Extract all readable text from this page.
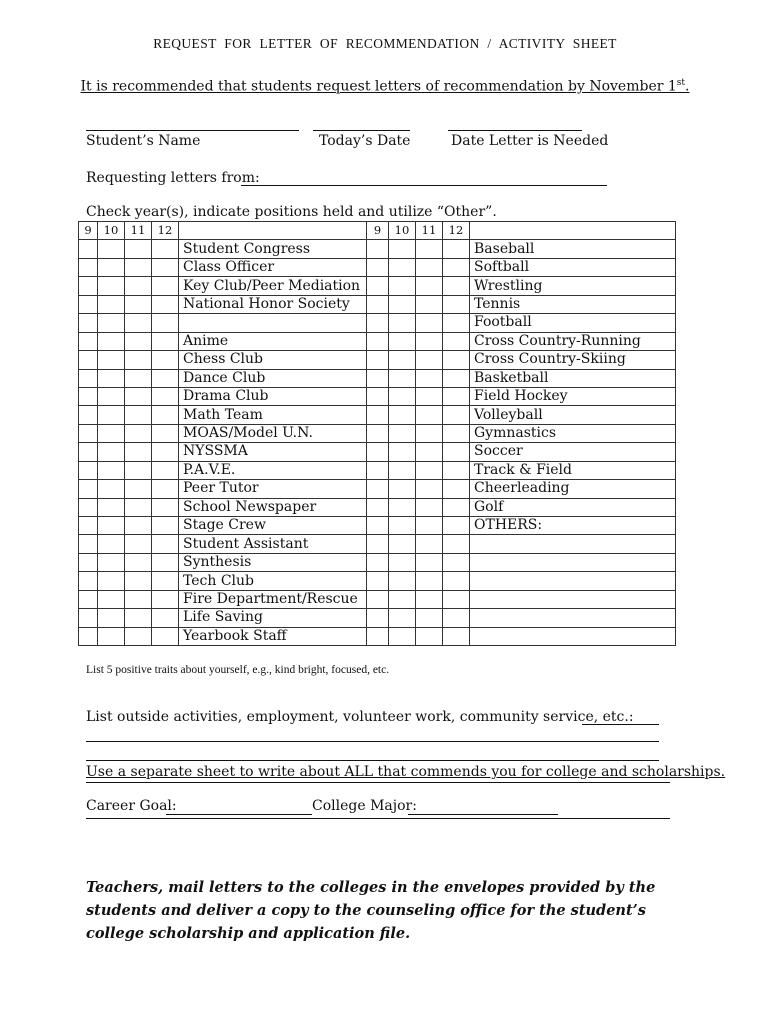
REQUEST FOR LETTER OF RECOMMENDATION / ACTIVITY SHEET
It is recommended that students request letters of recommendation by November 1st.
Student’s Name	Today’s Date	Date Letter is Needed
Requesting letters from:
Check year(s), indicate positions held and utilize “Other”.
9	10	11	12		9	10	11	12	
				Student Congress					Baseball
				Class Officer					Softball
				Key Club/Peer Mediation					Wrestling
				National Honor Society					Tennis
									Football
				Anime					Cross Country-Running
				Chess Club					Cross Country-Skiing
				Dance Club					Basketball
				Drama Club					Field Hockey
				Math Team					Volleyball
				MOAS/Model U.N.					Gymnastics
				NYSSMA					Soccer
				P.A.V.E.					Track & Field
				Peer Tutor					Cheerleading
				School Newspaper					Golf
				Stage Crew					OTHERS:
				Student Assistant					
				Synthesis					
				Tech Club					
				Fire Department/Rescue					
				Life Saving					
				Yearbook Staff					
List 5 positive traits about yourself, e.g., kind bright, focused, etc.
List outside activities, employment, volunteer work, community service, etc.:
Use a separate sheet to write about ALL that commends you for college and scholarships.
Career Goal:	College Major:
Teachers, mail letters to the colleges in the envelopes provided by the students and deliver a copy to the counseling office for the student’s college scholarship and application file.
